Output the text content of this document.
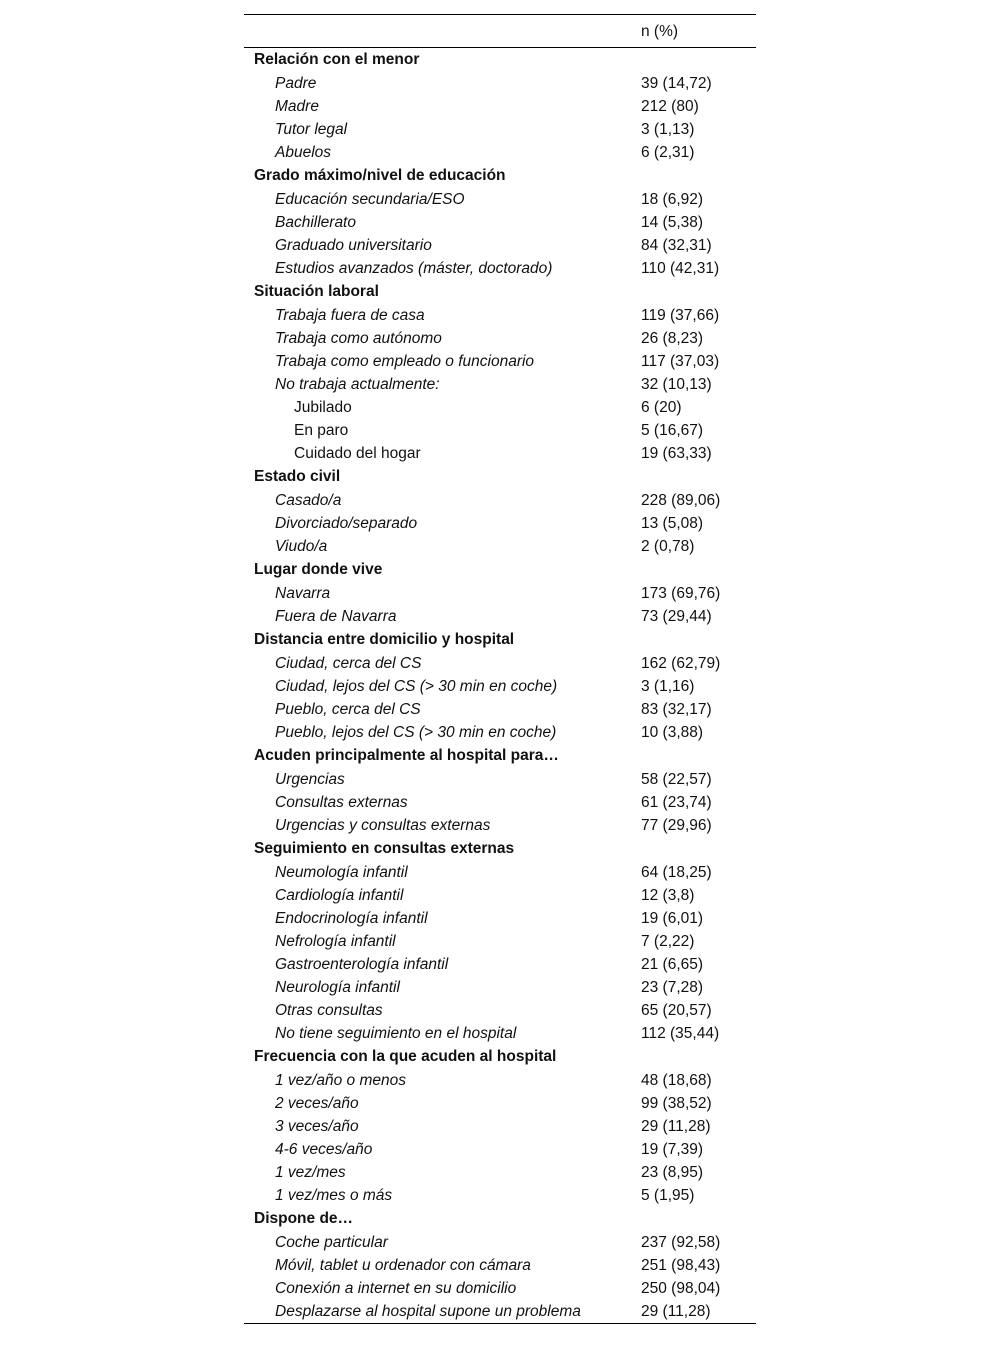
n (%)
Relación con el menor
Padre	39 (14,72)
Madre	212 (80)
Tutor legal	3 (1,13)
Abuelos	6 (2,31)
Grado máximo/nivel de educación
Educación secundaria/ESO	18 (6,92)
Bachillerato	14 (5,38)
Graduado universitario	84 (32,31)
Estudios avanzados (máster, doctorado)	110 (42,31)
Situación laboral
Trabaja fuera de casa	119 (37,66)
Trabaja como autónomo	26 (8,23)
Trabaja como empleado o funcionario	117 (37,03)
No trabaja actualmente:	32 (10,13)
Jubilado	6 (20)
En paro	5 (16,67)
Cuidado del hogar	19 (63,33)
Estado civil
Casado/a	228 (89,06)
Divorciado/separado	13 (5,08)
Viudo/a	2 (0,78)
Lugar donde vive
Navarra	173 (69,76)
Fuera de Navarra	73 (29,44)
Distancia entre domicilio y hospital
Ciudad, cerca del CS	162 (62,79)
Ciudad, lejos del CS (> 30 min en coche)	3 (1,16)
Pueblo, cerca del CS	83 (32,17)
Pueblo, lejos del CS (> 30 min en coche)	10 (3,88)
Acuden principalmente al hospital para…
Urgencias	58 (22,57)
Consultas externas	61 (23,74)
Urgencias y consultas externas	77 (29,96)
Seguimiento en consultas externas
Neumología infantil	64 (18,25)
Cardiología infantil	12 (3,8)
Endocrinología infantil	19 (6,01)
Nefrología infantil	7 (2,22)
Gastroenterología infantil	21 (6,65)
Neurología infantil	23 (7,28)
Otras consultas	65 (20,57)
No tiene seguimiento en el hospital	112 (35,44)
Frecuencia con la que acuden al hospital
1 vez/año o menos	48 (18,68)
2 veces/año	99 (38,52)
3 veces/año	29 (11,28)
4-6 veces/año	19 (7,39)
1 vez/mes	23 (8,95)
1 vez/mes o más	5 (1,95)
Dispone de…
Coche particular	237 (92,58)
Móvil, tablet u ordenador con cámara	251 (98,43)
Conexión a internet en su domicilio	250 (98,04)
Desplazarse al hospital supone un problema	29 (11,28)
